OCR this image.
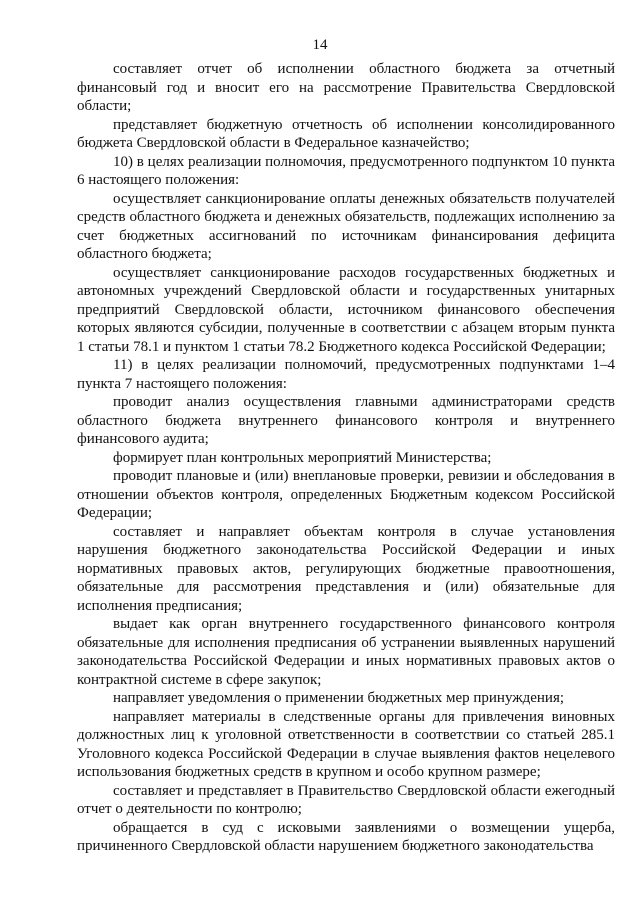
14

составляет отчет об исполнении областного бюджета за отчетный финансовый год и вносит его на рассмотрение Правительства Свердловской области;

представляет бюджетную отчетность об исполнении консолидированного бюджета Свердловской области в Федеральное казначейство;

10) в целях реализации полномочия, предусмотренного подпунктом 10 пункта 6 настоящего положения:

осуществляет санкционирование оплаты денежных обязательств получателей средств областного бюджета и денежных обязательств, подлежащих исполнению за счет бюджетных ассигнований по источникам финансирования дефицита областного бюджета;

осуществляет санкционирование расходов государственных бюджетных и автономных учреждений Свердловской области и государственных унитарных предприятий Свердловской области, источником финансового обеспечения которых являются субсидии, полученные в соответствии с абзацем вторым пункта 1 статьи 78.1 и пунктом 1 статьи 78.2 Бюджетного кодекса Российской Федерации;

11) в целях реализации полномочий, предусмотренных подпунктами 1–4 пункта 7 настоящего положения:

проводит анализ осуществления главными администраторами средств областного бюджета внутреннего финансового контроля и внутреннего финансового аудита;

формирует план контрольных мероприятий Министерства;

проводит плановые и (или) внеплановые проверки, ревизии и обследования в отношении объектов контроля, определенных Бюджетным кодексом Российской Федерации;

составляет и направляет объектам контроля в случае установления нарушения бюджетного законодательства Российской Федерации и иных нормативных правовых актов, регулирующих бюджетные правоотношения, обязательные для рассмотрения представления и (или) обязательные для исполнения предписания;

выдает как орган внутреннего государственного финансового контроля обязательные для исполнения предписания об устранении выявленных нарушений законодательства Российской Федерации и иных нормативных правовых актов о контрактной системе в сфере закупок;

направляет уведомления о применении бюджетных мер принуждения;

направляет материалы в следственные органы для привлечения виновных должностных лиц к уголовной ответственности в соответствии со статьей 285.1 Уголовного кодекса Российской Федерации в случае выявления фактов нецелевого использования бюджетных средств в крупном и особо крупном размере;

составляет и представляет в Правительство Свердловской области ежегодный отчет о деятельности по контролю;

обращается в суд с исковыми заявлениями о возмещении ущерба, причиненного Свердловской области нарушением бюджетного законодательства
